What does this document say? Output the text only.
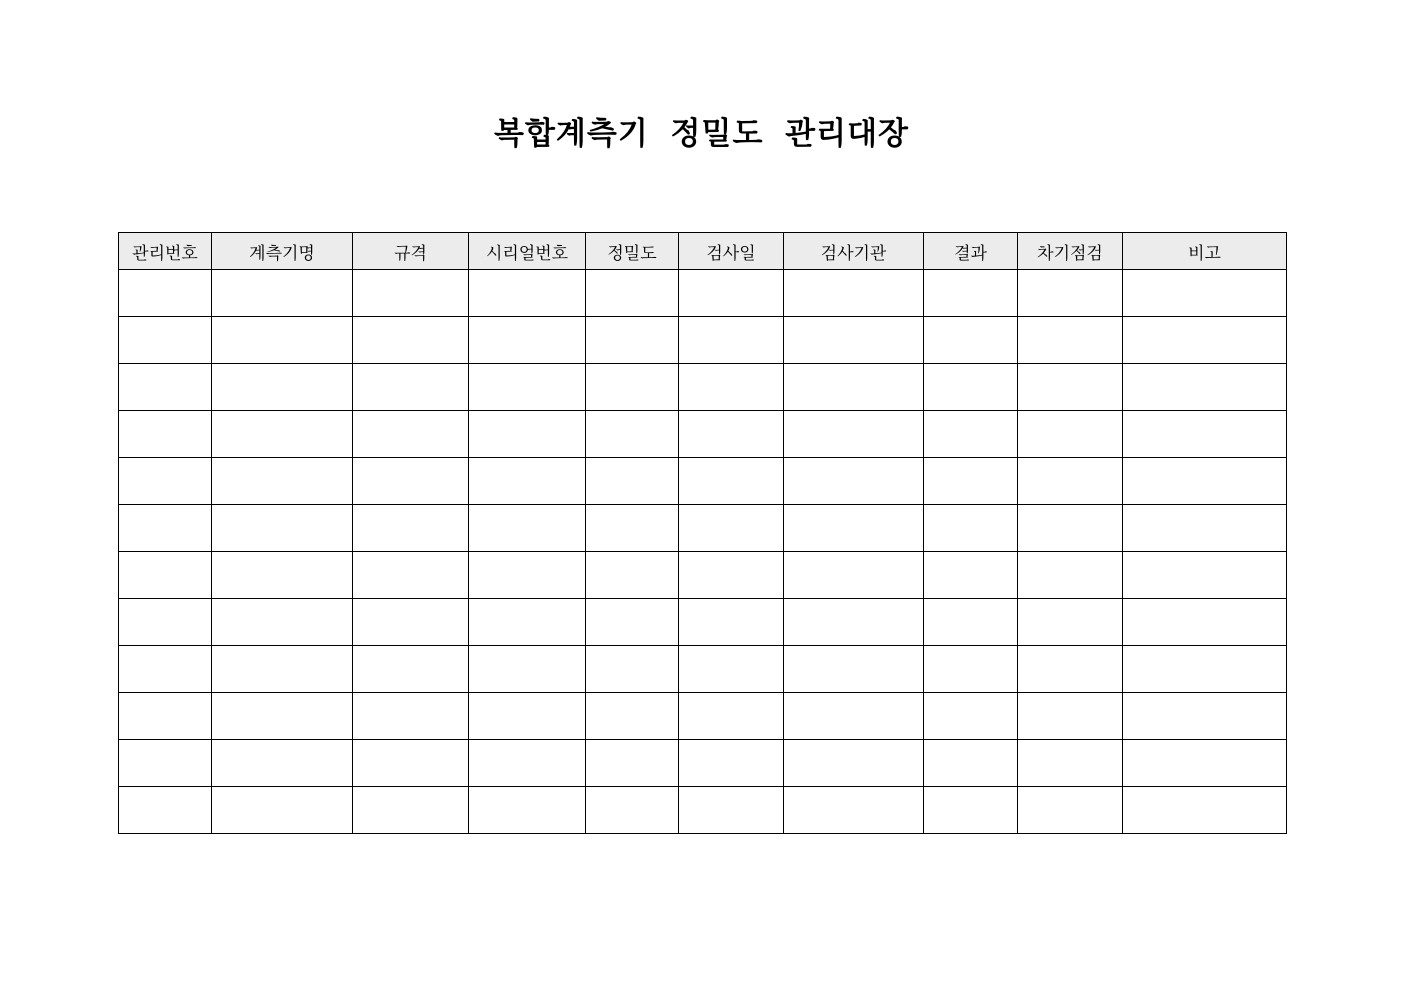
복합계측기 정밀도 관리대장
관리번호	계측기명	규격	시리얼번호	정밀도	검사일	검사기관	결과	차기점검	비고
